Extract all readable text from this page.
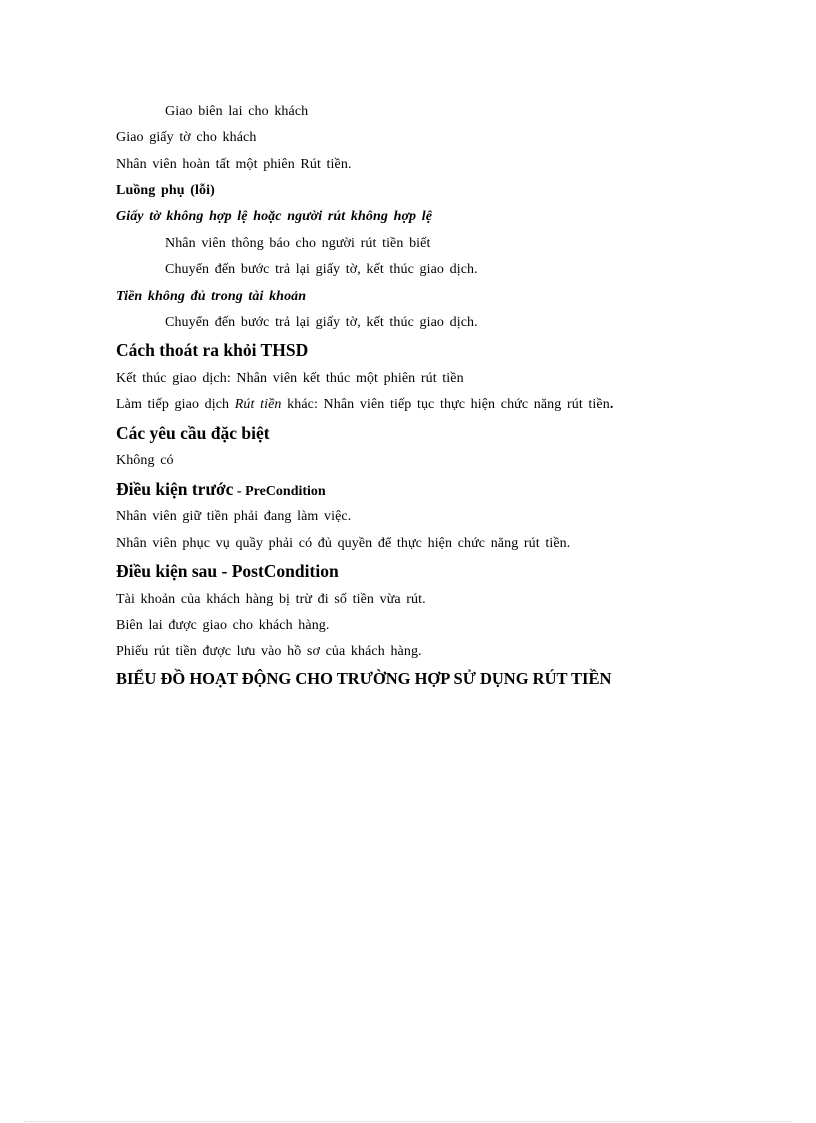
Giao biên lai cho khách
Giao giấy tờ cho khách
Nhân viên hoàn tất một phiên Rút tiền.
Luồng phụ (lỗi)
Giấy tờ không hợp lệ hoặc người rút không hợp lệ
Nhân viên thông báo cho người rút tiền biết
Chuyển đến bước trả lại giấy tờ, kết thúc giao dịch.
Tiền không đủ trong tài khoản
Chuyển đến bước trả lại giấy tờ, kết thúc giao dịch.
Cách thoát ra khỏi THSD
Kết thúc giao dịch: Nhân viên kết thúc một phiên rút tiền
Làm tiếp giao dịch Rút tiền khác: Nhân viên tiếp tục thực hiện chức năng rút tiền.
Các yêu cầu đặc biệt
Không có
Điều kiện trước - PreCondition
Nhân viên giữ tiền phải đang làm việc.
Nhân viên phục vụ quầy phải có đủ quyền để thực hiện chức năng rút tiền.
Điều kiện sau - PostCondition
Tài khoản của khách hàng bị trừ đi số tiền vừa rút.
Biên lai được giao cho khách hàng.
Phiếu rút tiền được lưu vào hồ sơ của khách hàng.
BIỂU ĐỒ HOẠT ĐỘNG CHO TRƯỜNG HỢP SỬ DỤNG RÚT TIỀN
